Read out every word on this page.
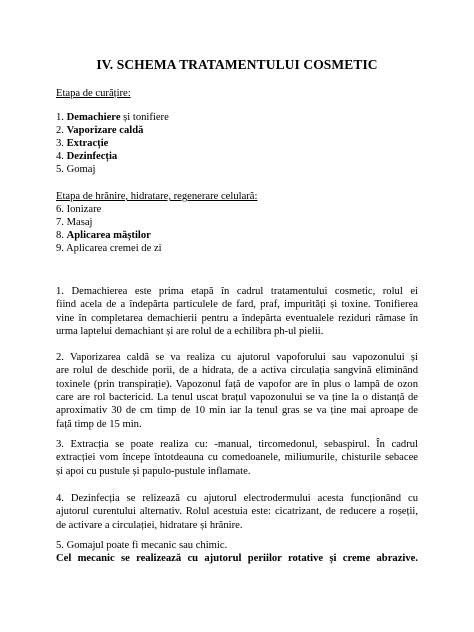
IV. SCHEMA TRATAMENTULUI COSMETIC
Etapa de curățire:
1. Demachiere și tonifiere
2. Vaporizare caldă
3. Extracție
4. Dezinfecția
5. Gomaj
Etapa de hrănire, hidratare, regenerare celulară:
6. Ionizare
7. Masaj
8. Aplicarea măștilor
9. Aplicarea cremei de zi
1. Demachierea este prima etapă în cadrul tratamentului cosmetic, rolul ei
fiind acela de a îndepărta particulele de fard, praf, impurități și toxine. Tonifierea
vine în completarea demachierii pentru a îndepărta eventualele reziduri rămase în
urma laptelui demachiant și are rolul de a echilibra ph-ul pielii.
2. Vaporizarea caldă se va realiza cu ajutorul vapoforului sau vapozonului și
are rolul de deschide porii, de a hidrata, de a activa circulația sangvină eliminând
toxinele (prin transpirație). Vapozonul față de vapofor are în plus o lampă de ozon
care are rol bactericid. La tenul uscat brațul vapozonului se va ține la o distanță de
aproximativ 30 de cm timp de 10 min iar la tenul gras se va ține mai aproape de
față timp de 15 min.
3. Extracția se poate realiza cu: -manual, tircomedonul, sebaspirul. În cadrul
extracției vom începe întotdeauna cu comedoanele, miliumurile, chisturile sebacee
și apoi cu pustule și papulo-pustule inflamate.
4. Dezinfecția se relizează cu ajutorul electrodermului acesta funcționând cu
ajutorul curentului alternativ. Rolul acestuia este: cicatrizant, de reducere a roșeții,
de activare a circulației, hidratare și hrănire.
5. Gomajul poate fi mecanic sau chimic.
Cel mecanic se realizează cu ajutorul periilor rotative și creme abrazive.
